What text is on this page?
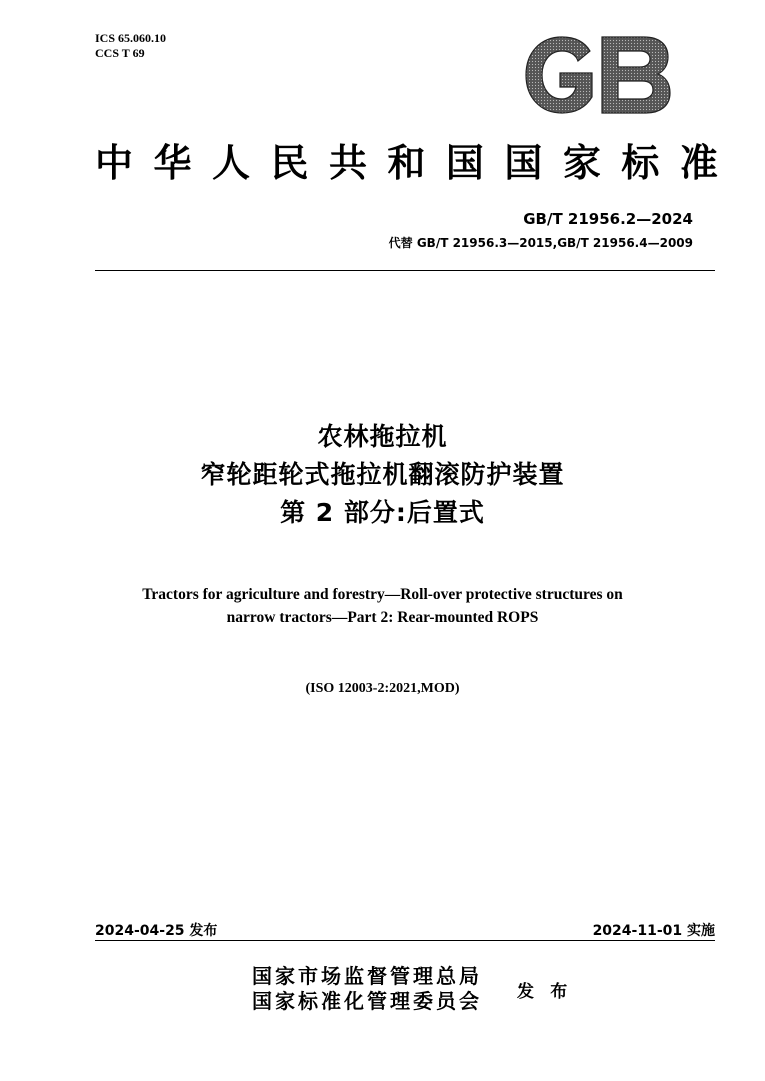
ICS 65.060.10
CCS T 69
中 华 人 民 共 和 国 国 家 标 准
GB/T 21956.2—2024
代替 GB/T 21956.3—2015,GB/T 21956.4—2009
农林拖拉机
窄轮距轮式拖拉机翻滚防护装置
第 2 部分:后置式
Tractors for agriculture and forestry—Roll-over protective structures on
narrow tractors—Part 2: Rear-mounted ROPS
(ISO 12003-2:2021,MOD)
2024-04-25 发布	2024-11-01 实施
国家市场监督管理总局
国家标准化管理委员会 发 布
